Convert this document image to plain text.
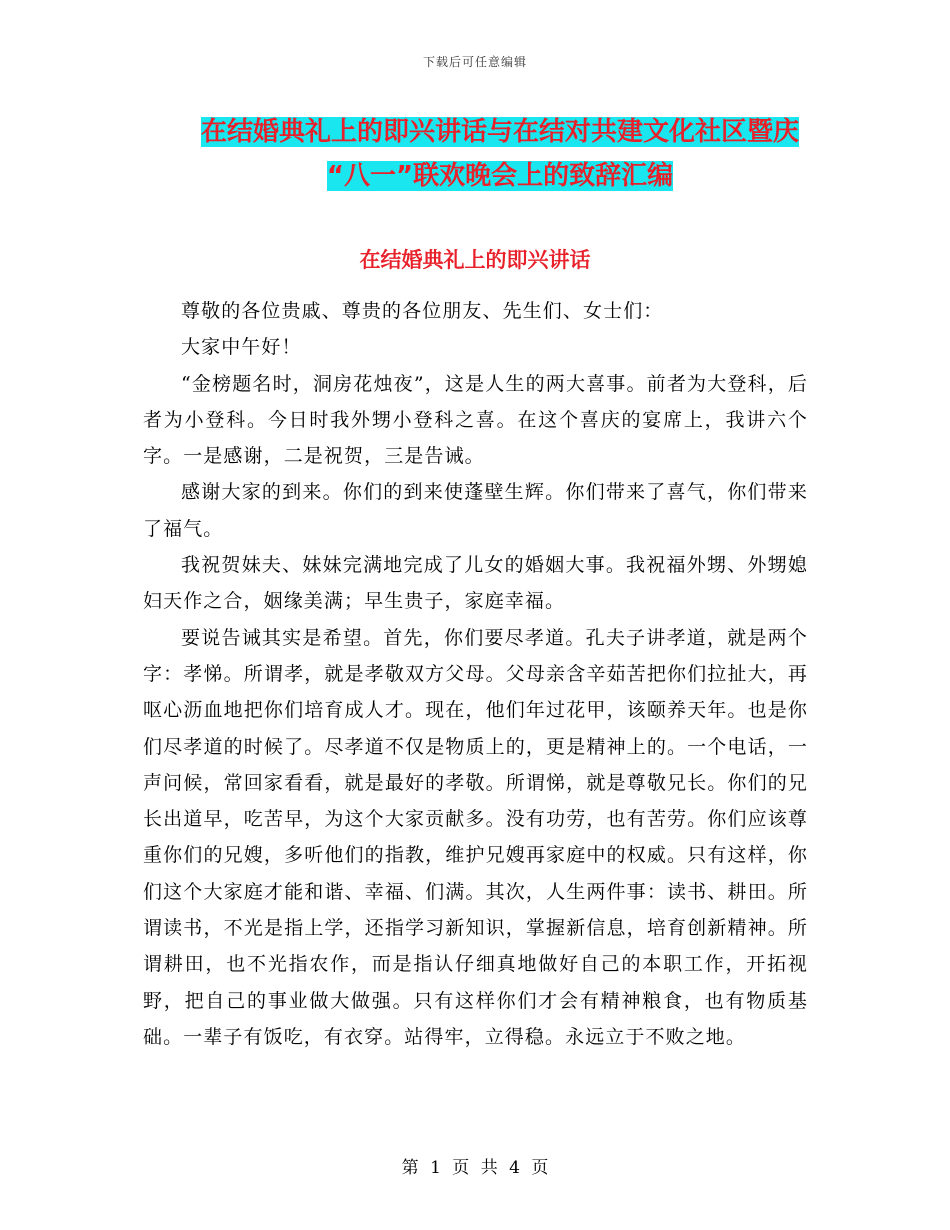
下载后可任意编辑
在结婚典礼上的即兴讲话与在结对共建文化社区暨庆
“八一”联欢晚会上的致辞汇编
在结婚典礼上的即兴讲话

尊敬的各位贵戚、尊贵的各位朋友、先生们、女士们：

大家中午好！

“金榜题名时，洞房花烛夜”，这是人生的两大喜事。前者为大登科，后者为小登科。今日时我外甥小登科之喜。在这个喜庆的宴席上，我讲六个字。一是感谢，二是祝贺，三是告诫。

感谢大家的到来。你们的到来使蓬壁生辉。你们带来了喜气，你们带来了福气。

我祝贺妹夫、妹妹完满地完成了儿女的婚姻大事。我祝福外甥、外甥媳妇天作之合，姻缘美满；早生贵子，家庭幸福。

要说告诫其实是希望。首先，你们要尽孝道。孔夫子讲孝道，就是两个字：孝悌。所谓孝，就是孝敬双方父母。父母亲含辛茹苦把你们拉扯大，再呕心沥血地把你们培育成人才。现在，他们年过花甲，该颐养天年。也是你们尽孝道的时候了。尽孝道不仅是物质上的，更是精神上的。一个电话，一声问候，常回家看看，就是最好的孝敬。所谓悌，就是尊敬兄长。你们的兄长出道早，吃苦早，为这个大家贡献多。没有功劳，也有苦劳。你们应该尊重你们的兄嫂，多听他们的指教，维护兄嫂再家庭中的权威。只有这样，你们这个大家庭才能和谐、幸福、们满。其次，人生两件事：读书、耕田。所谓读书，不光是指上学，还指学习新知识，掌握新信息，培育创新精神。所谓耕田，也不光指农作，而是指认仔细真地做好自己的本职工作，开拓视野，把自己的事业做大做强。只有这样你们才会有精神粮食，也有物质基础。一辈子有饭吃，有衣穿。站得牢，立得稳。永远立于不败之地。

第 1 页 共 4 页
